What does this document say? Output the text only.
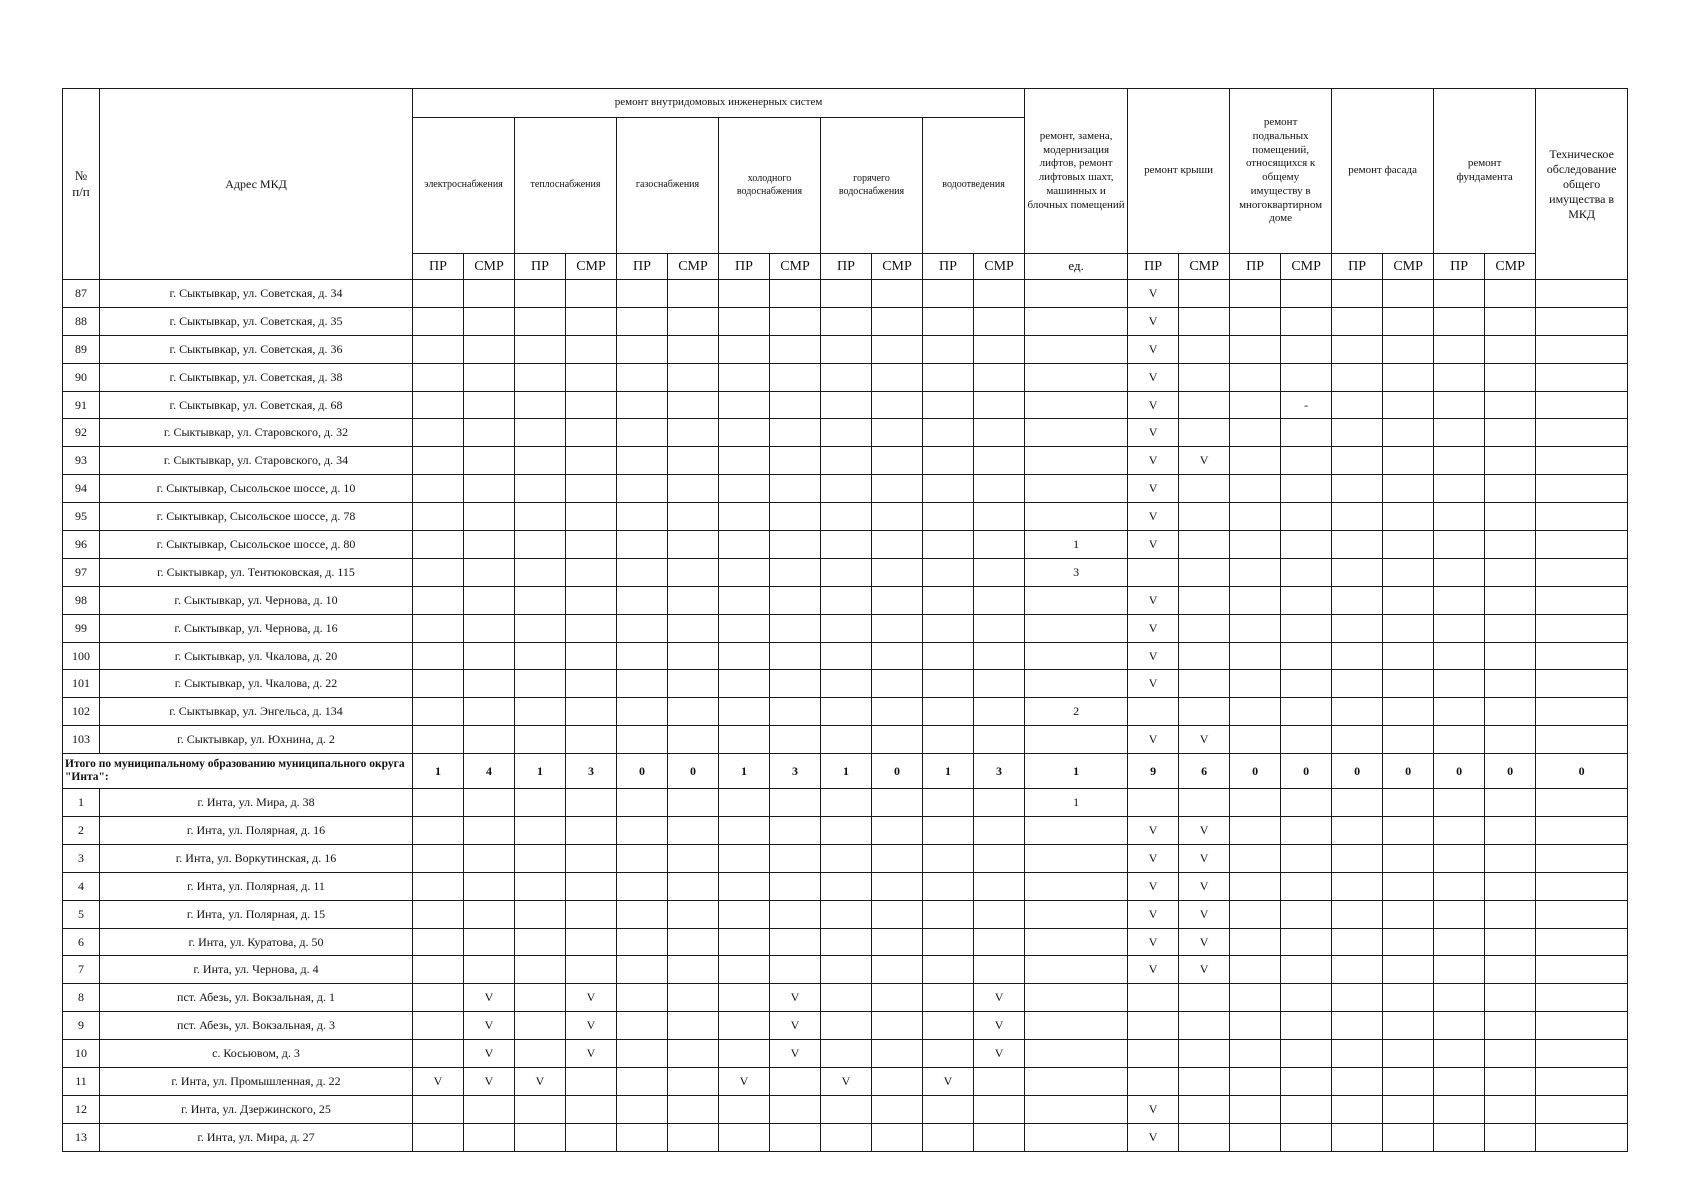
№ п/п	Адрес МКД	ремонт внутридомовых инженерных систем												ремонт, замена, модернизация лифтов, ремонт лифтовых шахт, машинных и блочных помещений	ремонт крыши		ремонт подвальных помещений, относящихся к общему имуществу в многоквартирном доме		ремонт фасада		ремонт фундамента		Техническое обследование общего имущества в МКД
		электроснабжения		теплоснабжения		газоснабжения		холодного водоснабжения		горячего водоснабжения		водоотведения											
		ПР	СМР	ПР	СМР	ПР	СМР	ПР	СМР	ПР	СМР	ПР	СМР	ед.	ПР	СМР	ПР	СМР	ПР	СМР	ПР	СМР	
87	г. Сыктывкар, ул. Советская, д. 34														V								
88	г. Сыктывкар, ул. Советская, д. 35														V								
89	г. Сыктывкар, ул. Советская, д. 36														V								
90	г. Сыктывкар, ул. Советская, д. 38														V								
91	г. Сыктывкар, ул. Советская, д. 68														V			-					
92	г. Сыктывкар, ул. Старовского, д. 32														V								
93	г. Сыктывкар, ул. Старовского, д. 34														V	V							
94	г. Сыктывкар, Сысольское шоссе, д. 10														V								
95	г. Сыктывкар, Сысольское шоссе, д. 78														V								
96	г. Сыктывкар, Сысольское шоссе, д. 80													1	V								
97	г. Сыктывкар, ул. Тентюковская, д. 115													3									
98	г. Сыктывкар, ул. Чернова, д. 10														V								
99	г. Сыктывкар, ул. Чернова, д. 16														V								
100	г. Сыктывкар, ул. Чкалова, д. 20														V								
101	г. Сыктывкар, ул. Чкалова, д. 22														V								
102	г. Сыктывкар, ул. Энгельса, д. 134													2									
103	г. Сыктывкар, ул. Юхнина, д. 2														V	V							
Итого по муниципальному образованию муниципального округа "Инта":		1	4	1	3	0	0	1	3	1	0	1	3	1	9	6	0	0	0	0	0	0	0
1	г. Инта, ул. Мира, д. 38													1									
2	г. Инта, ул. Полярная, д. 16														V	V							
3	г. Инта, ул. Воркутинская, д. 16														V	V							
4	г. Инта, ул. Полярная, д. 11														V	V							
5	г. Инта, ул. Полярная, д. 15														V	V							
6	г. Инта, ул. Куратова, д. 50														V	V							
7	г. Инта, ул. Чернова, д. 4														V	V							
8	пст. Абезь, ул. Вокзальная, д. 1		V		V				V				V										
9	пст. Абезь, ул. Вокзальная, д. 3		V		V				V				V										
10	с. Косьювом, д. 3		V		V				V				V										
11	г. Инта, ул. Промышленная, д. 22	V	V	V				V		V		V											
12	г. Инта, ул. Дзержинского, 25														V								
13	г. Инта, ул. Мира, д. 27														V								
